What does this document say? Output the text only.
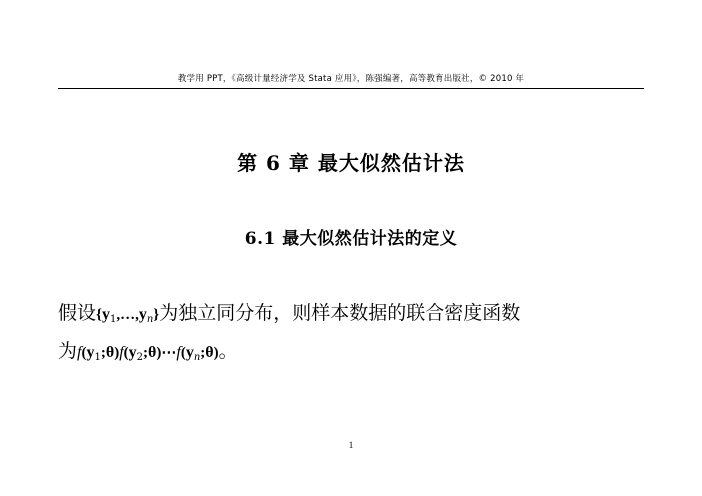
教学用 PPT，《高级计量经济学及 Stata 应用》，陈强编著，高等教育出版社，© 2010 年
第 6 章 最大似然估计法
6.1 最大似然估计法的定义
假设$\{y_1,\dots,y_n\}$为独立同分布，则样本数据的联合密度函数
为$f(y_1;\theta)f(y_2;\theta)\cdots f(y_n;\theta)$。
1
